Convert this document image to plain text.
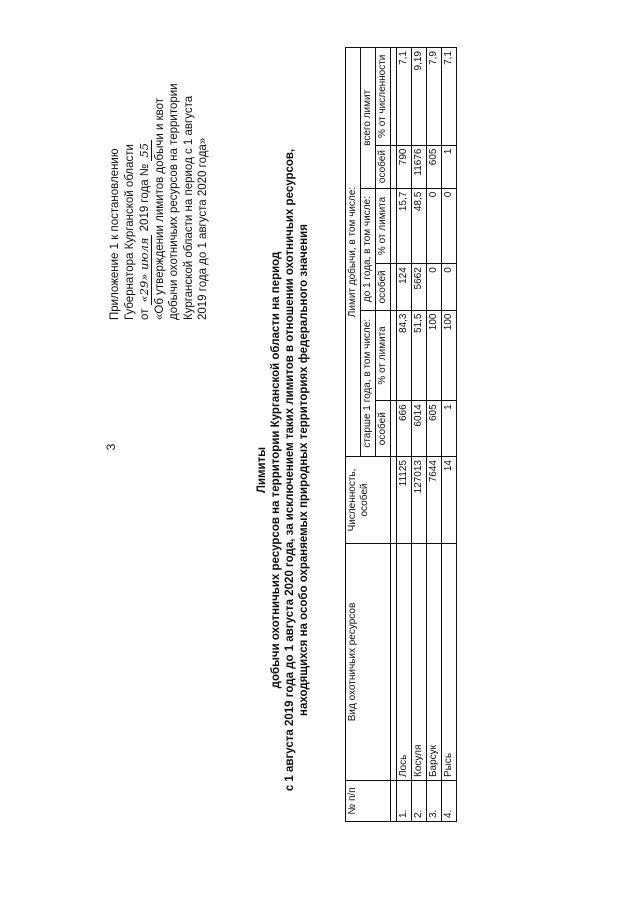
3
Приложение 1 к постановлению Губернатора Курганской области от «29» июля 2019 года № 55 «Об утверждении лимитов добычи и квот добычи охотничьих ресурсов на территории Курганской области на период с 1 августа 2019 года до 1 августа 2020 года»
Лимиты добычи охотничьих ресурсов на территории Курганской области на период с 1 августа 2019 года до 1 августа 2020 года, за исключением таких лимитов в отношении охотничьих ресурсов, находящихся на особо охраняемых природных территориях федерального значения
№ п/п	Вид охотничьих ресурсов	Численность, особей	Лимит добычи, в том числе:					
			старше 1 года, в том числе:		до 1 года, в том числе:		всего лимит	
			особей	% от лимита	особей	% от лимита	особей	% от численности

1.	Лось	11125	666	84,3	124	15,7	790	7,1
2.	Косуля	127013	6014	51,5	5662	48,5	11676	9,19
3.	Барсук	7644	605	100	0	0	605	7,9
4.	Рысь	14	1	100	0	0	1	7,1
